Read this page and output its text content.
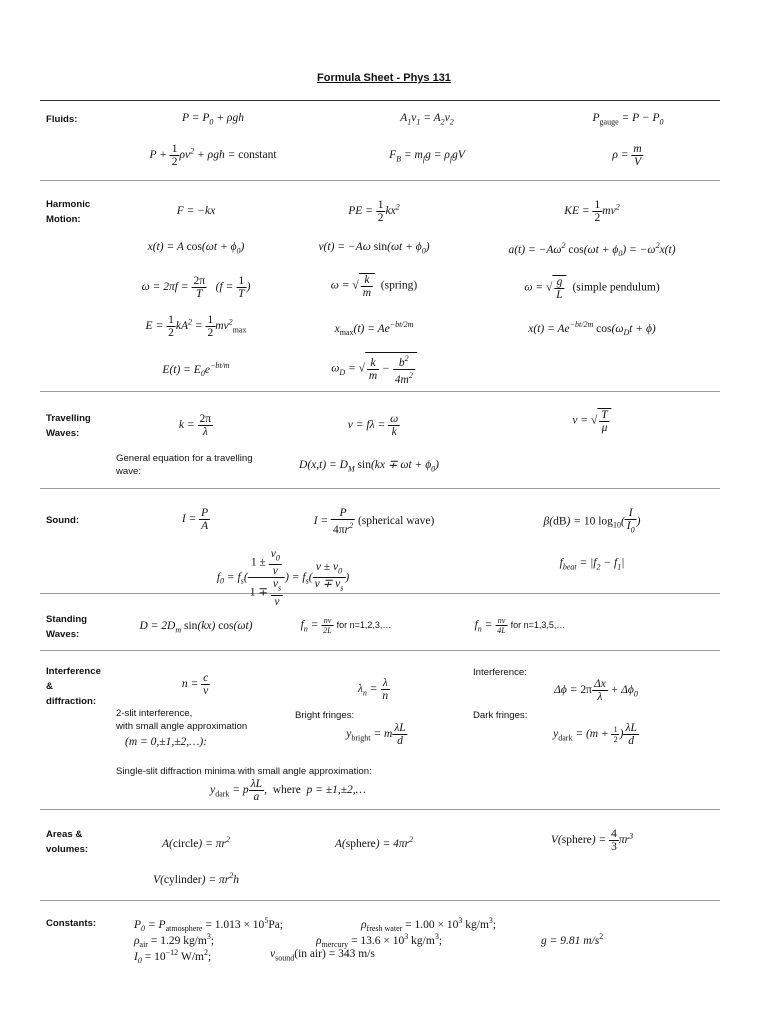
Formula Sheet - Phys 131
Fluids:	$P = P_0 + \rho gh$	$A_1v_1 = A_2v_2$	$P_{gauge} = P - P_0$
$P + \frac{1}{2} \rho v^2 + \rho gh$ = constant	$F_B = m_fg = \rho_fgV$	$\rho = \frac{m}{V}$
Harmonic
Motion:
F = −kx	PE = $\frac{1}{2} kx^2$	KE = $\frac{1}{2} mv^2$
x(t) = A $\cos(\omega t + \phi_0)$	v(t) = −Aω $\sin(\omega t + \phi_0)$	$a(t) = -A\omega^2$ $\cos(\omega t + \phi_0) = -\omega^2x(t)$
$\omega = 2\pi f = \frac{2\pi}{T} (f = \frac{1}{T}$ )	ω = √ $\frac{k}{m}$ (spring)	ω = √ $\frac{g}{L}$ (simple pendulum)
$E = \frac{1}{2} kA^2 = \frac{1}{2} mv^2_{max}$	$x_{max}(t) = Ae^{-bt/2m}$	$x(t) = Ae^{-bt/2m}$ $\cos(\omega_Dt + \phi)$
$E(t) = E_0e^{-bt/m}$	$\omega_D$ = √ $\frac{k}{m} - \frac{b^2}{4m^2}$
Travelling
Waves:
$k = \frac{2\pi}{\lambda}$	$v = f\lambda = \frac{\omega}{k}$	v = √ $\frac{T}{\mu}$
General equation for a travelling
wave:
$D(x,t) = D_M$ $\sin(kx \mp \omega t + \phi_0)$
Sound:	$I = \frac{P}{A}$	$I = \frac{P}{4\pi r^2}$ (spherical wave)	β(dB) = 10 $\log_{10}( \frac{I}{I_0}$ )
$f_0 = f_s( \frac{1 \pm \frac{v_0}{v}}{1 \mp \frac{v_s}{v}}$ ) = $f_s( \frac{v \pm v_0}{v \mp v_s}$ )
$f_{beat} = |f_2 - f_1|$
Standing
Waves:
$D = 2D_m$ sin(kx) cos(ωt)	$f_n = \frac{nv}{2L}$ for n=1,2,3,…	$f_n = \frac{nv}{4L}$ for n=1,3,5,…
Interference
&
diffraction:
$n = \frac{c}{v}$	$\lambda_n = \frac{\lambda}{n}$
Interference:
$\Delta\phi = 2\pi \frac{\Delta x}{\lambda} + \Delta\phi_0$
2-slit interference,
with small angle approximation
(m = 0,±1,±2,…):
Bright fringes:
$y_{bright} = m \frac{\lambda L}{d}$
Dark fringes:
$y_{dark} = (m + \frac{1}{2}$ ) $\frac{\lambda L}{d}$
Single-slit diffraction minima with small angle approximation:
$y_{dark} = p \frac{\lambda L}{a}$ ,  where  p = ±1,±2,…
Areas &
volumes:	A(circle) = $\pi r^2$	A(sphere) = $4\pi r^2$	V(sphere) = $\frac{4}{3} \pi r^3$
V(cylinder) = $\pi r^2h$
Constants:	$P_0 = P_{atmosphere} = 1.013 \times 10^5Pa$;	$\rho_{fresh water} = 1.00 \times 10^3$ $kg/m^3$;
$\rho_{air} = 1.29$ $kg/m^3$;	$\rho_{mercury} = 13.6 \times 10^3$ $kg/m^3$;	g = 9.81 $m/s^2$
$I_0 = 10^{-12}$ $W/m^2$;	$v_{sound}(in$ air) = 343 m/s
